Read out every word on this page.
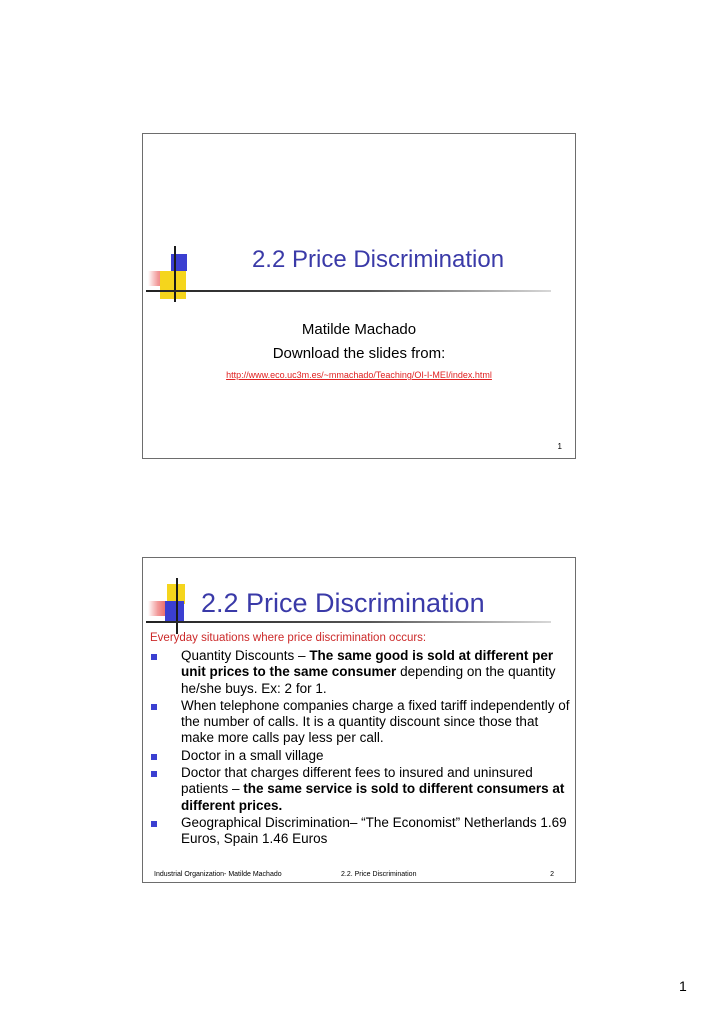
2.2 Price Discrimination
Matilde Machado
Download the slides from:
http://www.eco.uc3m.es/~mmachado/Teaching/OI-I-MEI/index.html
1
2.2 Price Discrimination
Everyday situations where price discrimination occurs:
Quantity Discounts – The same good is sold at different per unit prices to the same consumer depending on the quantity he/she buys. Ex: 2 for 1.
When telephone companies charge a fixed tariff independently of the number of calls. It is a quantity discount since those that make more calls pay less per call.
Doctor in a small village
Doctor that charges different fees to insured and uninsured patients – the same service is sold to different consumers at different prices.
Geographical Discrimination– “The Economist” Netherlands 1.69 Euros, Spain 1.46 Euros
Industrial Organization- Matilde Machado	2.2. Price Discrimination	2
1
